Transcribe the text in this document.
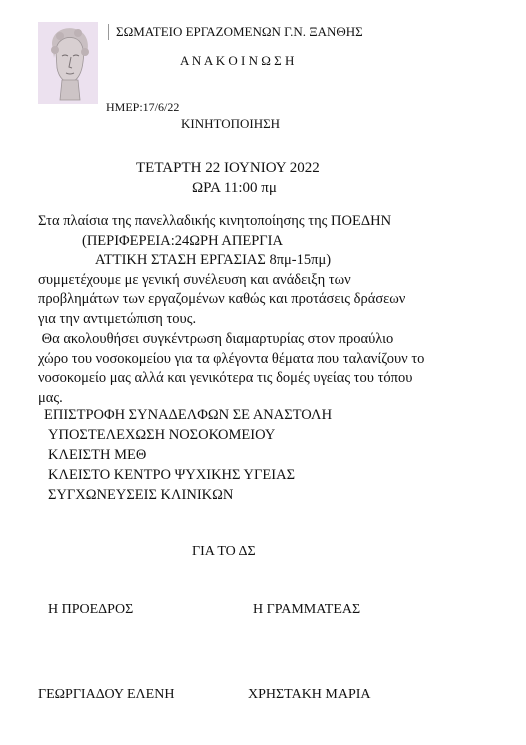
ΣΩΜΑΤΕΙΟ ΕΡΓΑΖΟΜΕΝΩΝ Γ.Ν. ΞΑΝΘΗΣ
Α Ν Α Κ Ο Ι Ν Ω Σ Η
ΗΜΕΡ:17/6/22
ΚΙΝΗΤΟΠΟΙΗΣΗ
ΤΕΤΑΡΤΗ 22 ΙΟΥΝΙΟΥ 2022
ΩΡΑ 11:00 πμ
Στα πλαίσια της πανελλαδικής κινητοποίησης της ΠΟΕΔΗΝ
(ΠΕΡΙΦΕΡΕΙΑ:24ΩΡΗ ΑΠΕΡΓΙΑ
ΑΤΤΙΚΗ ΣΤΑΣΗ ΕΡΓΑΣΙΑΣ 8πμ-15πμ)
συμμετέχουμε με γενική συνέλευση και ανάδειξη των
προβλημάτων των εργαζομένων καθώς και προτάσεις δράσεων
για την αντιμετώπιση τους.
Θα ακολουθήσει συγκέντρωση διαμαρτυρίας στον προαύλιο
χώρο του νοσοκομείου για τα φλέγοντα θέματα που ταλανίζουν το
νοσοκομείο μας αλλά και γενικότερα τις δομές υγείας του τόπου
μας.
ΕΠΙΣΤΡΟΦΗ ΣΥΝΑΔΕΛΦΩΝ ΣΕ ΑΝΑΣΤΟΛΗ
ΥΠΟΣΤΕΛΕΧΩΣΗ ΝΟΣΟΚΟΜΕΙΟΥ
ΚΛΕΙΣΤΗ ΜΕΘ
ΚΛΕΙΣΤΟ ΚΕΝΤΡΟ ΨΥΧΙΚΗΣ ΥΓΕΙΑΣ
ΣΥΓΧΩΝΕΥΣΕΙΣ ΚΛΙΝΙΚΩΝ
ΓΙΑ ΤΟ ΔΣ
Η ΠΡΟΕΔΡΟΣ	Η ΓΡΑΜΜΑΤΕΑΣ
ΓΕΩΡΓΙΑΔΟΥ ΕΛΕΝΗ	ΧΡΗΣΤΑΚΗ ΜΑΡΙΑ
